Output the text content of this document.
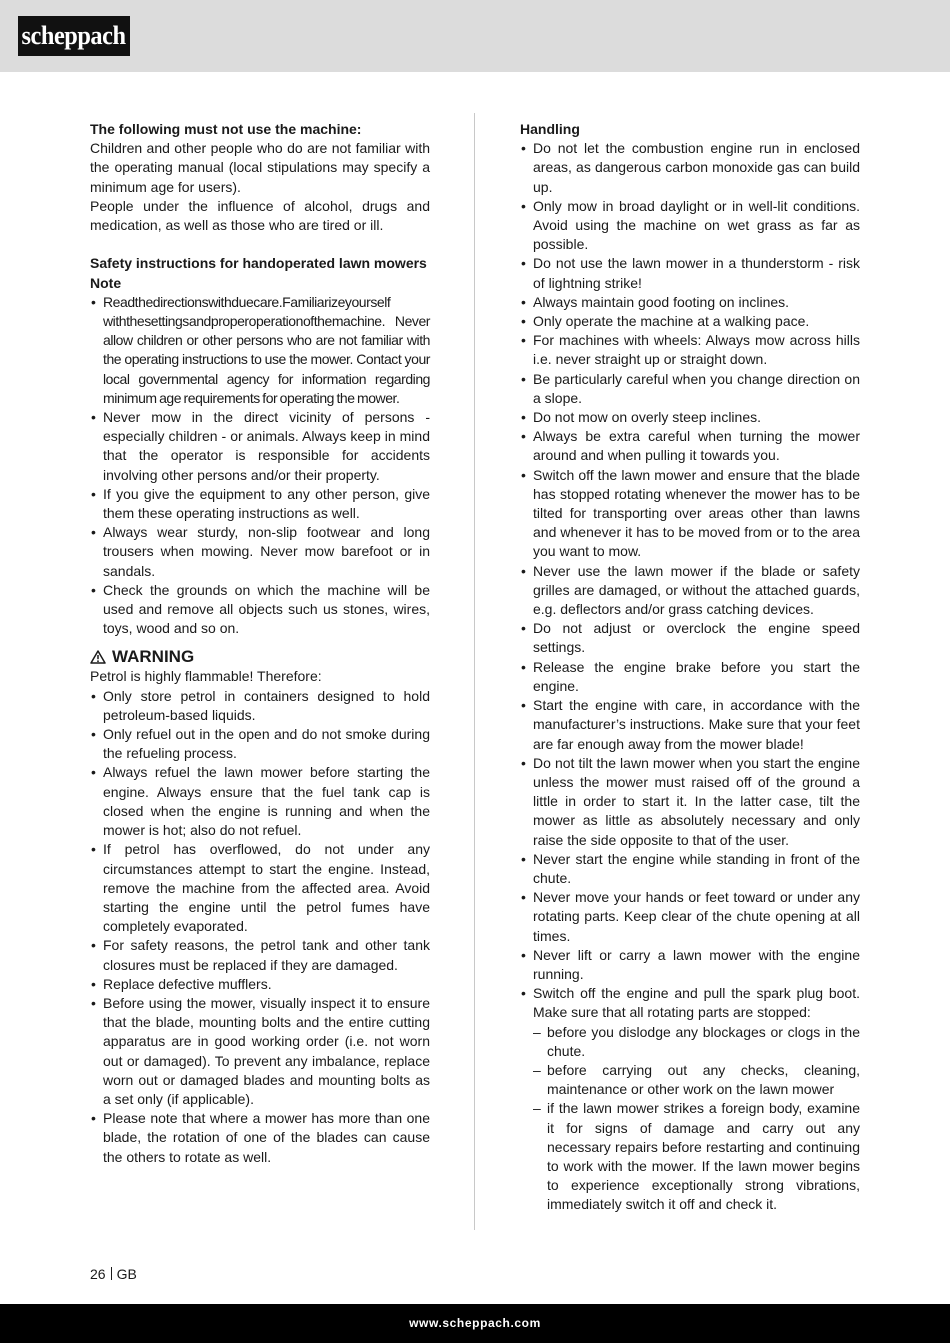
scheppach

The following must not use the machine:

Children and other people who do are not familiar with the operating manual (local stipulations may specify a minimum age for users).

People under the influence of alcohol, drugs and medication, as well as those who are tired or ill.

Safety instructions for handoperated lawn mowers

Note

• Readthedirectionswithduecare.Familiarizeyourself withthesettingsandproperoperationofthemachine. Never allow children or other persons who are not familiar with the operating instructions to use the mower. Contact your local governmental agency for information regarding minimum age requirements for operating the mower.
• Never mow in the direct vicinity of persons - especially children - or animals. Always keep in mind that the operator is responsible for accidents involving other persons and/or their property.
• If you give the equipment to any other person, give them these operating instructions as well.
• Always wear sturdy, non-slip footwear and long trousers when mowing. Never mow barefoot or in sandals.
• Check the grounds on which the machine will be used and remove all objects such us stones, wires, toys, wood and so on.
WARNING

Petrol is highly flammable! Therefore:

• Only store petrol in containers designed to hold petroleum-based liquids.
• Only refuel out in the open and do not smoke during the refueling process.
• Always refuel the lawn mower before starting the engine. Always ensure that the fuel tank cap is closed when the engine is running and when the mower is hot; also do not refuel.
• If petrol has overflowed, do not under any circumstances attempt to start the engine. Instead, remove the machine from the affected area. Avoid starting the engine until the petrol fumes have completely evaporated.
• For safety reasons, the petrol tank and other tank closures must be replaced if they are damaged.
• Replace defective mufflers.
• Before using the mower, visually inspect it to ensure that the blade, mounting bolts and the entire cutting apparatus are in good working order (i.e. not worn out or damaged). To prevent any imbalance, replace worn out or damaged blades and mounting bolts as a set only (if applicable).
• Please note that where a mower has more than one blade, the rotation of one of the blades can cause the others to rotate as well.

Handling

• Do not let the combustion engine run in enclosed areas, as dangerous carbon monoxide gas can build up.
• Only mow in broad daylight or in well-lit conditions. Avoid using the machine on wet grass as far as possible.
• Do not use the lawn mower in a thunderstorm - risk of lightning strike!
• Always maintain good footing on inclines.
• Only operate the machine at a walking pace.
• For machines with wheels: Always mow across hills i.e. never straight up or straight down.
• Be particularly careful when you change direction on a slope.
• Do not mow on overly steep inclines.
• Always be extra careful when turning the mower around and when pulling it towards you.
• Switch off the lawn mower and ensure that the blade has stopped rotating whenever the mower has to be tilted for transporting over areas other than lawns and whenever it has to be moved from or to the area you want to mow.
• Never use the lawn mower if the blade or safety grilles are damaged, or without the attached guards, e.g. deflectors and/or grass catching devices.
• Do not adjust or overclock the engine speed settings.
• Release the engine brake before you start the engine.
• Start the engine with care, in accordance with the manufacturer’s instructions. Make sure that your feet are far enough away from the mower blade!
• Do not tilt the lawn mower when you start the engine unless the mower must raised off of the ground a little in order to start it. In the latter case, tilt the mower as little as absolutely necessary and only raise the side opposite to that of the user.
• Never start the engine while standing in front of the chute.
• Never move your hands or feet toward or under any rotating parts. Keep clear of the chute opening at all times.
• Never lift or carry a lawn mower with the engine running.
• Switch off the engine and pull the spark plug boot. Make sure that all rotating parts are stopped:
– before you dislodge any blockages or clogs in the chute.
– before carrying out any checks, cleaning, maintenance or other work on the lawn mower
– if the lawn mower strikes a foreign body, examine it for signs of damage and carry out any necessary repairs before restarting and continuing to work with the mower. If the lawn mower begins to experience exceptionally strong vibrations, immediately switch it off and check it.
26 GB
www.scheppach.com
